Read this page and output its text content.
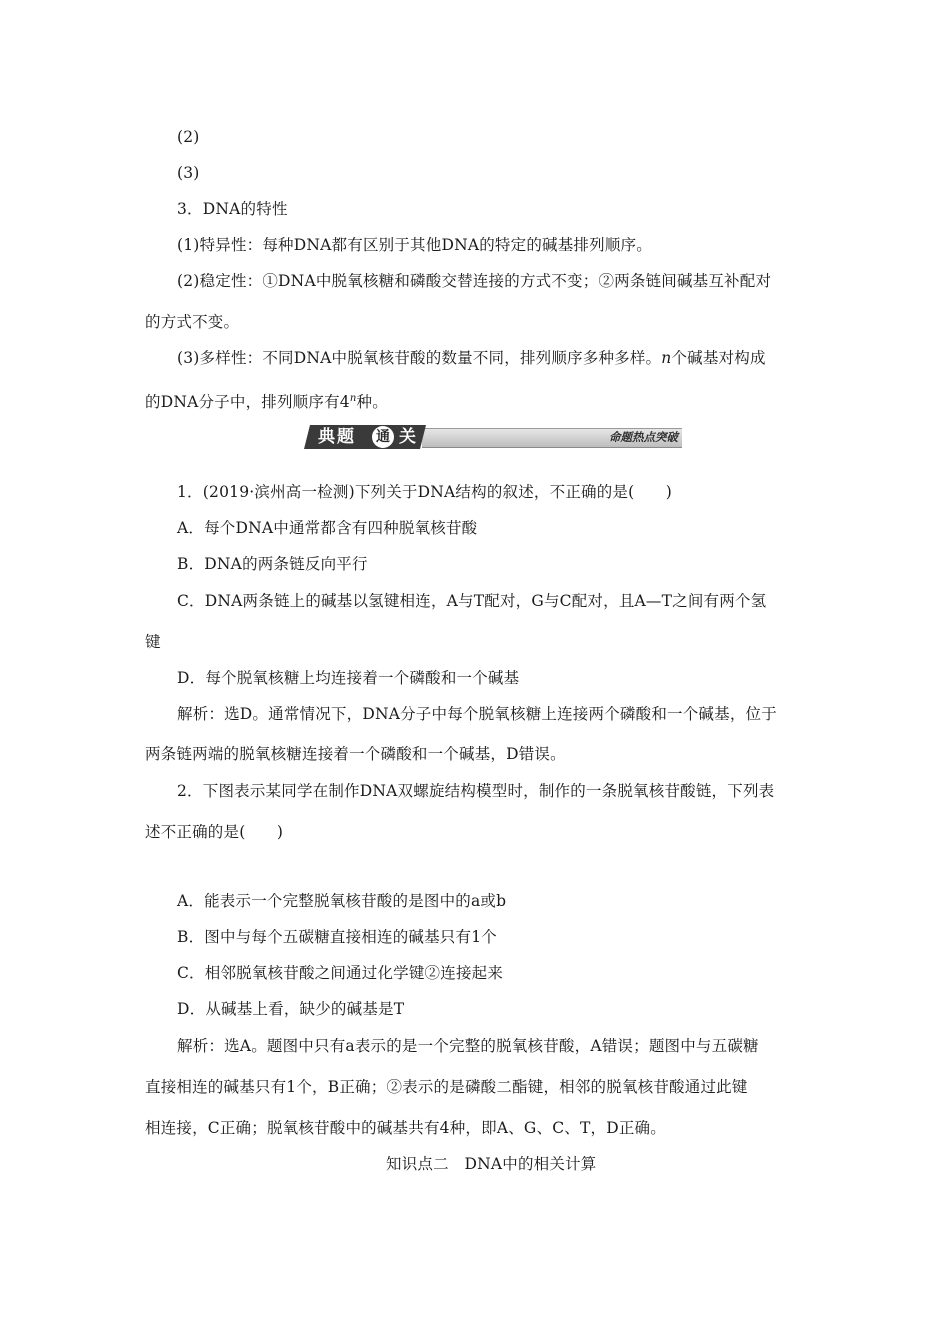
(2)
(3)
3．DNA的特性
(1)特异性：每种DNA都有区别于其他DNA的特定的碱基排列顺序。
(2)稳定性：①DNA中脱氧核糖和磷酸交替连接的方式不变；②两条链间碱基互补配对
的方式不变。
(3)多样性：不同DNA中脱氧核苷酸的数量不同，排列顺序多种多样。n个碱基对构成
的DNA分子中，排列顺序有4$^n$种。
典题 通 关	命题热点突破
1．(2019·滨州高一检测)下列关于DNA结构的叙述，不正确的是(　　)
A．每个DNA中通常都含有四种脱氧核苷酸
B．DNA的两条链反向平行
C．DNA两条链上的碱基以氢键相连，A与T配对，G与C配对，且A—T之间有两个氢
键
D．每个脱氧核糖上均连接着一个磷酸和一个碱基
解析：选D。通常情况下，DNA分子中每个脱氧核糖上连接两个磷酸和一个碱基，位于
两条链两端的脱氧核糖连接着一个磷酸和一个碱基，D错误。
2．下图表示某同学在制作DNA双螺旋结构模型时，制作的一条脱氧核苷酸链，下列表
述不正确的是(　　)
A．能表示一个完整脱氧核苷酸的是图中的a或b
B．图中与每个五碳糖直接相连的碱基只有1个
C．相邻脱氧核苷酸之间通过化学键②连接起来
D．从碱基上看，缺少的碱基是T
解析：选A。题图中只有a表示的是一个完整的脱氧核苷酸，A错误；题图中与五碳糖
直接相连的碱基只有1个，B正确；②表示的是磷酸二酯键，相邻的脱氧核苷酸通过此键
相连接，C正确；脱氧核苷酸中的碱基共有4种，即A、G、C、T，D正确。
知识点二　DNA中的相关计算
